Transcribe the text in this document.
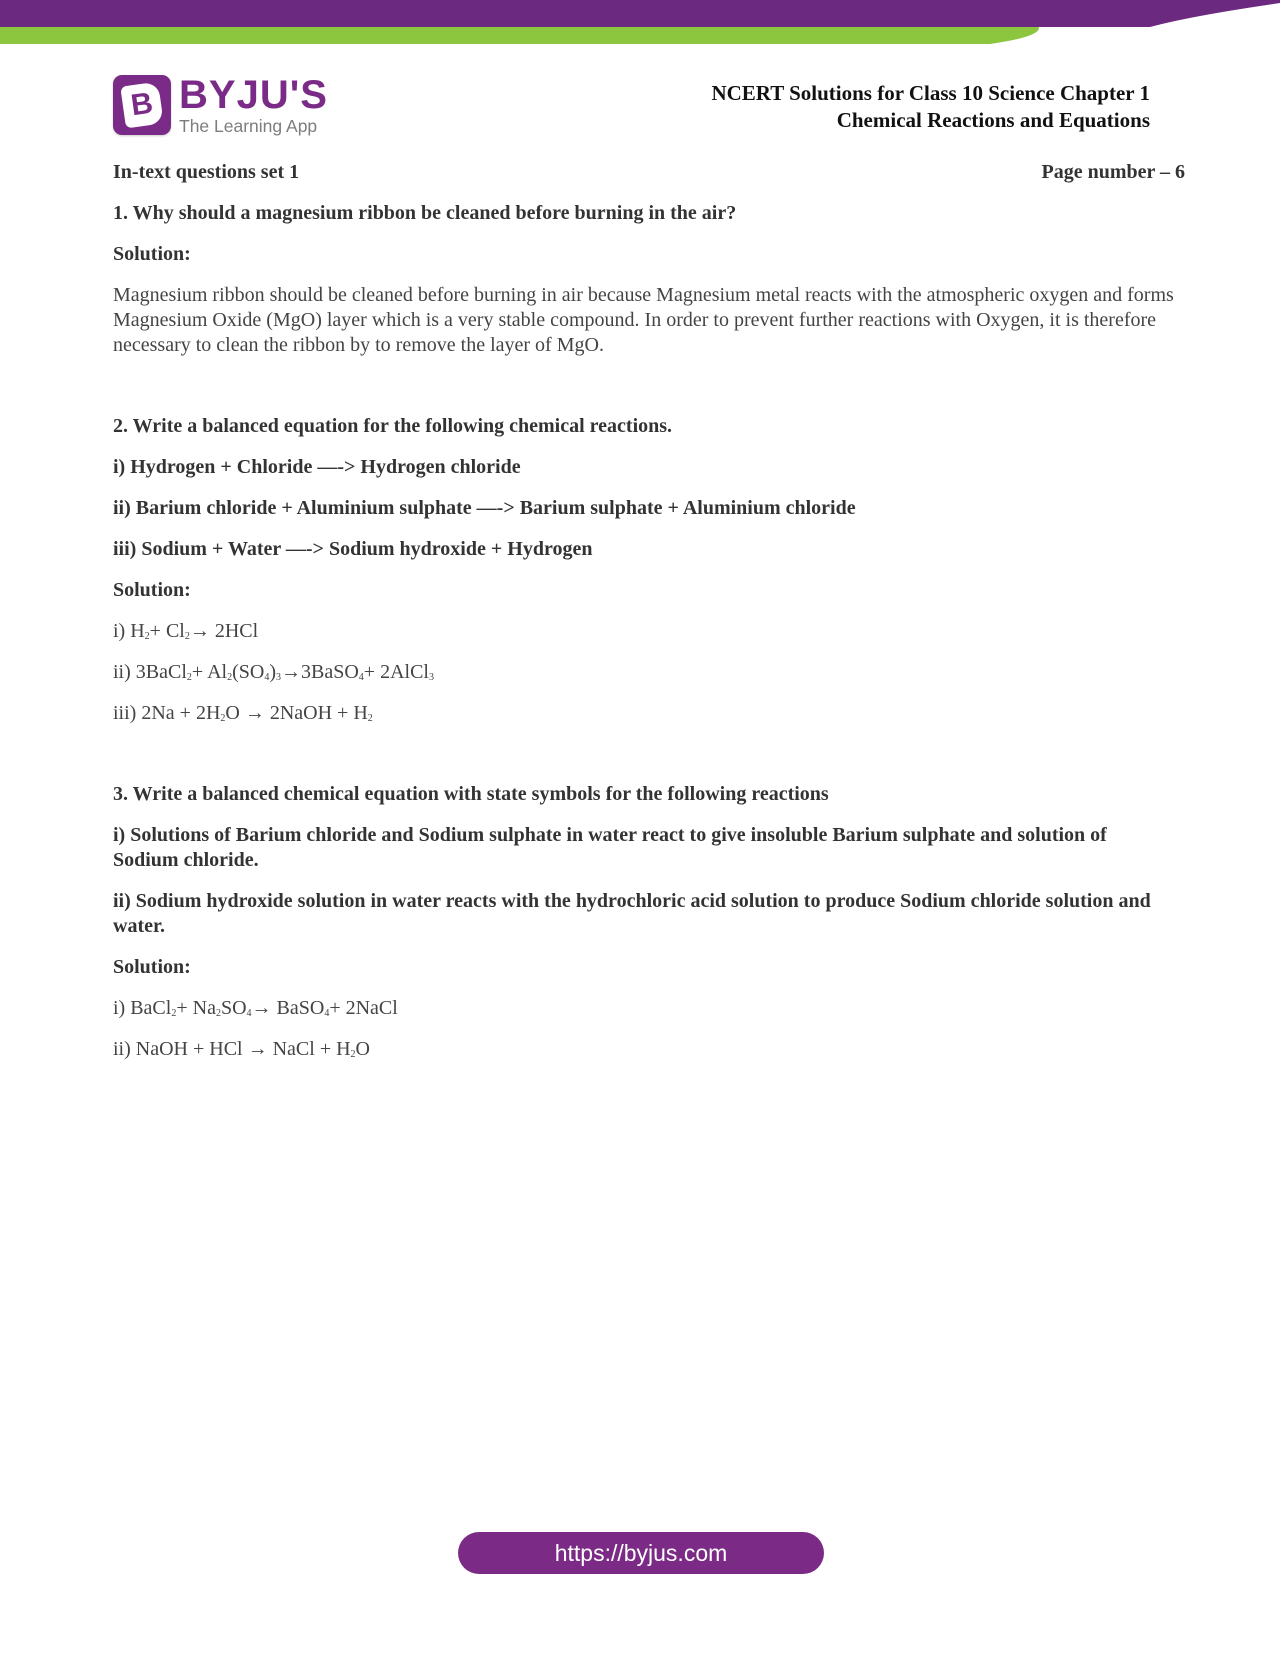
B BYJU'S
The Learning App
NCERT Solutions for Class 10 Science Chapter 1
Chemical Reactions and Equations
In-text questions set 1	Page number – 6

1. Why should a magnesium ribbon be cleaned before burning in the air?

Solution:

Magnesium ribbon should be cleaned before burning in air because Magnesium metal reacts with the atmospheric oxygen and forms Magnesium Oxide (MgO) layer which is a very stable compound. In order to prevent further reactions with Oxygen, it is therefore necessary to clean the ribbon by to remove the layer of MgO.

2. Write a balanced equation for the following chemical reactions.

i) Hydrogen + Chloride —-> Hydrogen chloride

ii) Barium chloride + Aluminium sulphate —-> Barium sulphate + Aluminium chloride

iii) Sodium + Water —-> Sodium hydroxide + Hydrogen

Solution:

i) $H_2+ Cl_2\to 2HCl$

ii) 3BaCl$_2$+ $Al_2(SO_4)_3\to 3BaSO_4+$ 2AlCl$_3$

iii) $2Na + 2H_2O$ → 2NaOH + $H_2$

3. Write a balanced chemical equation with state symbols for the following reactions

i) Solutions of Barium chloride and Sodium sulphate in water react to give insoluble Barium sulphate and solution of Sodium chloride.

ii) Sodium hydroxide solution in water reacts with the hydrochloric acid solution to produce Sodium chloride solution and water.

Solution:

i) BaCl$_2$+ $Na_2SO_4\to$ BaSO$_4$+ 2NaCl

ii) NaOH + HCl → NaCl + $H_2O$

https://byjus.com
